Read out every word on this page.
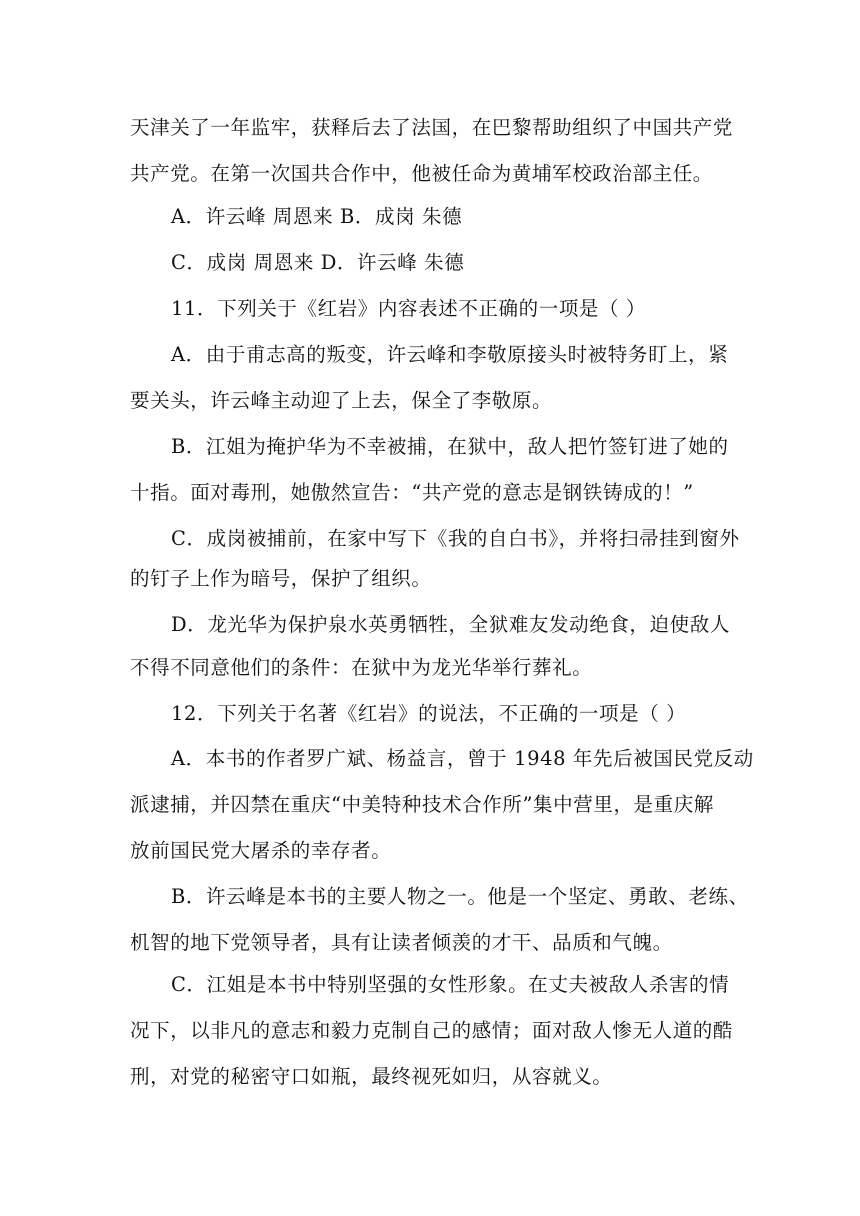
天津关了一年监牢，获释后去了法国，在巴黎帮助组织了中国共产党
共产党。在第一次国共合作中，他被任命为黄埔军校政治部主任。
A．许云峰 周恩来 B．成岗 朱德
C．成岗 周恩来 D．许云峰 朱德
11．下列关于《红岩》内容表述不正确的一项是（ ）
A．由于甫志高的叛变，许云峰和李敬原接头时被特务盯上，紧
要关头，许云峰主动迎了上去，保全了李敬原。
B．江姐为掩护华为不幸被捕，在狱中，敌人把竹签钉进了她的
十指。面对毒刑，她傲然宣告：“共产党的意志是钢铁铸成的！”
C．成岗被捕前，在家中写下《我的自白书》，并将扫帚挂到窗外
的钉子上作为暗号，保护了组织。
D．龙光华为保护泉水英勇牺牲，全狱难友发动绝食，迫使敌人
不得不同意他们的条件：在狱中为龙光华举行葬礼。
12．下列关于名著《红岩》的说法，不正确的一项是（ ）
A．本书的作者罗广斌、杨益言，曾于 1948 年先后被国民党反动
派逮捕，并囚禁在重庆“中美特种技术合作所”集中营里，是重庆解
放前国民党大屠杀的幸存者。
B．许云峰是本书的主要人物之一。他是一个坚定、勇敢、老练、
机智的地下党领导者，具有让读者倾羡的才干、品质和气魄。
C．江姐是本书中特别坚强的女性形象。在丈夫被敌人杀害的情
况下，以非凡的意志和毅力克制自己的感情；面对敌人惨无人道的酷
刑，对党的秘密守口如瓶，最终视死如归，从容就义。
